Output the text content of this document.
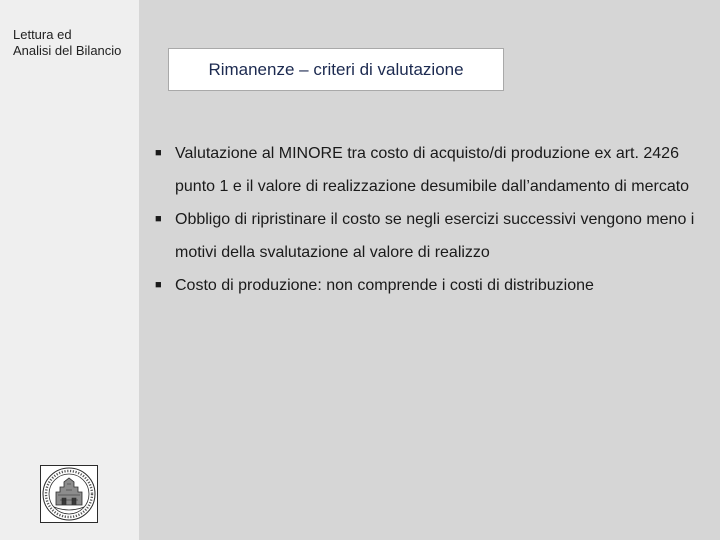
Lettura ed
Analisi del Bilancio
Rimanenze – criteri di valutazione
■ Valutazione al MINORE tra costo di acquisto/di produzione ex art. 2426 punto 1 e il valore di realizzazione desumibile dall’andamento di mercato
■ Obbligo di ripristinare il costo se negli esercizi successivi vengono meno i motivi della svalutazione al valore di realizzo
■ Costo di produzione: non comprende i costi di distribuzione
